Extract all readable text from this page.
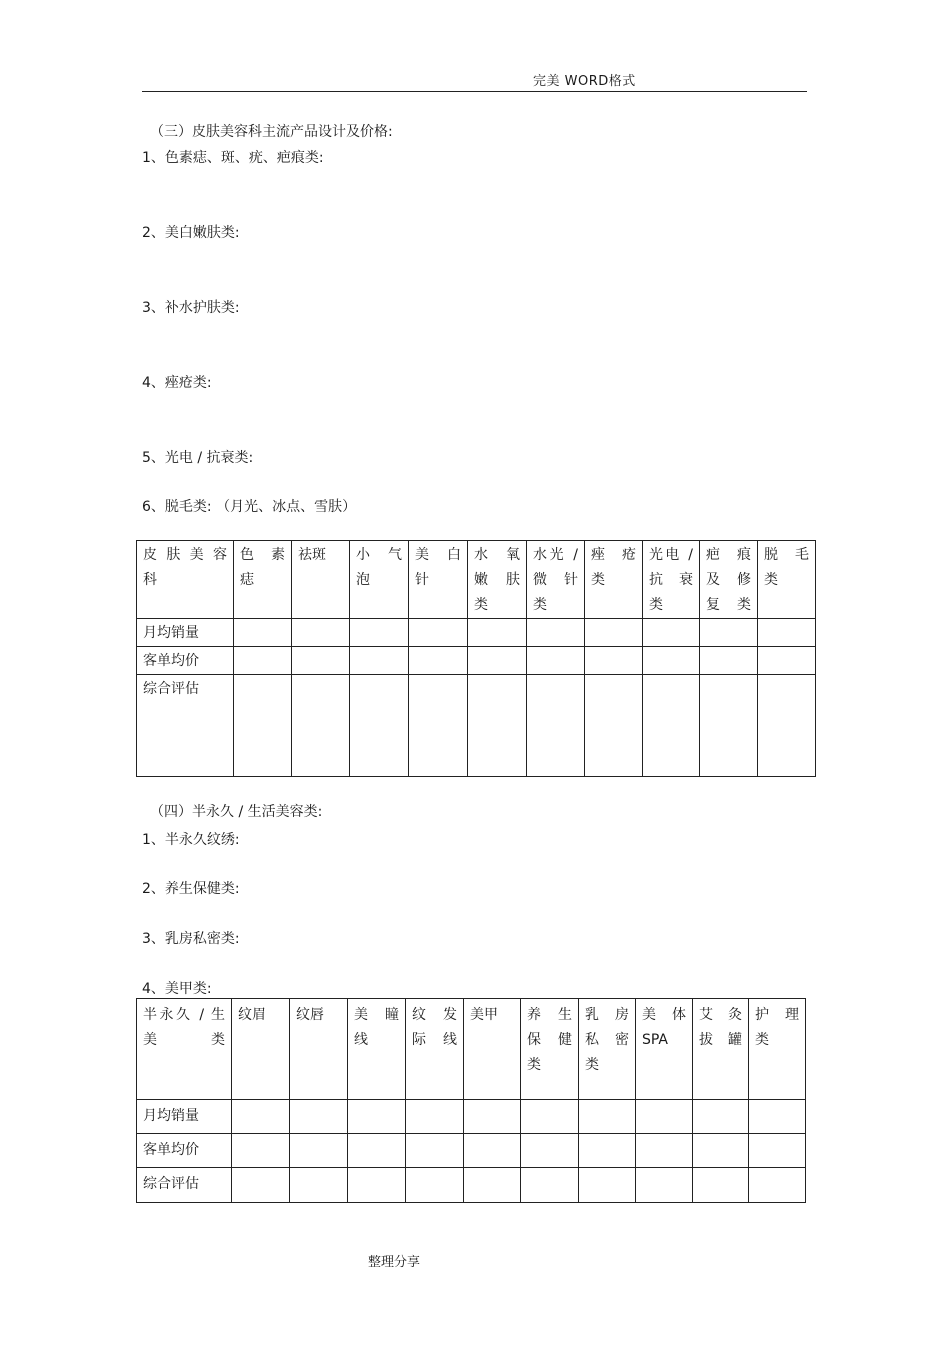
完美 WORD格式
（三）皮肤美容科主流产品设计及价格:
1、色素痣、斑、疣、疤痕类:
2、美白嫩肤类:
3、补水护肤类:
4、痤疮类:
5、光电 / 抗衰类:
6、脱毛类: （月光、冰点、雪肤）
皮 肤 美 容 科	色 素 痣	祛斑	小 气 泡	美 白 针	水 氧 嫩 肤 类	水光 / 微 针 类	痤 疮 类	光电 / 抗 衰 类	疤 痕 及 修 复类	脱 毛 类
月均销量										
客单均价										
综合评估										
（四）半永久 / 生活美容类:
1、半永久纹绣:
2、养生保健类:
3、乳房私密类:
4、美甲类:
半永久 / 生 美类	纹眉	纹唇	美 瞳 线	纹 发 际线	美甲	养 生 保 健 类	乳 房 私 密 类	美 体 SPA	艾 灸 拔罐	护 理 类
月均销量										
客单均价										
综合评估										
整理分享
